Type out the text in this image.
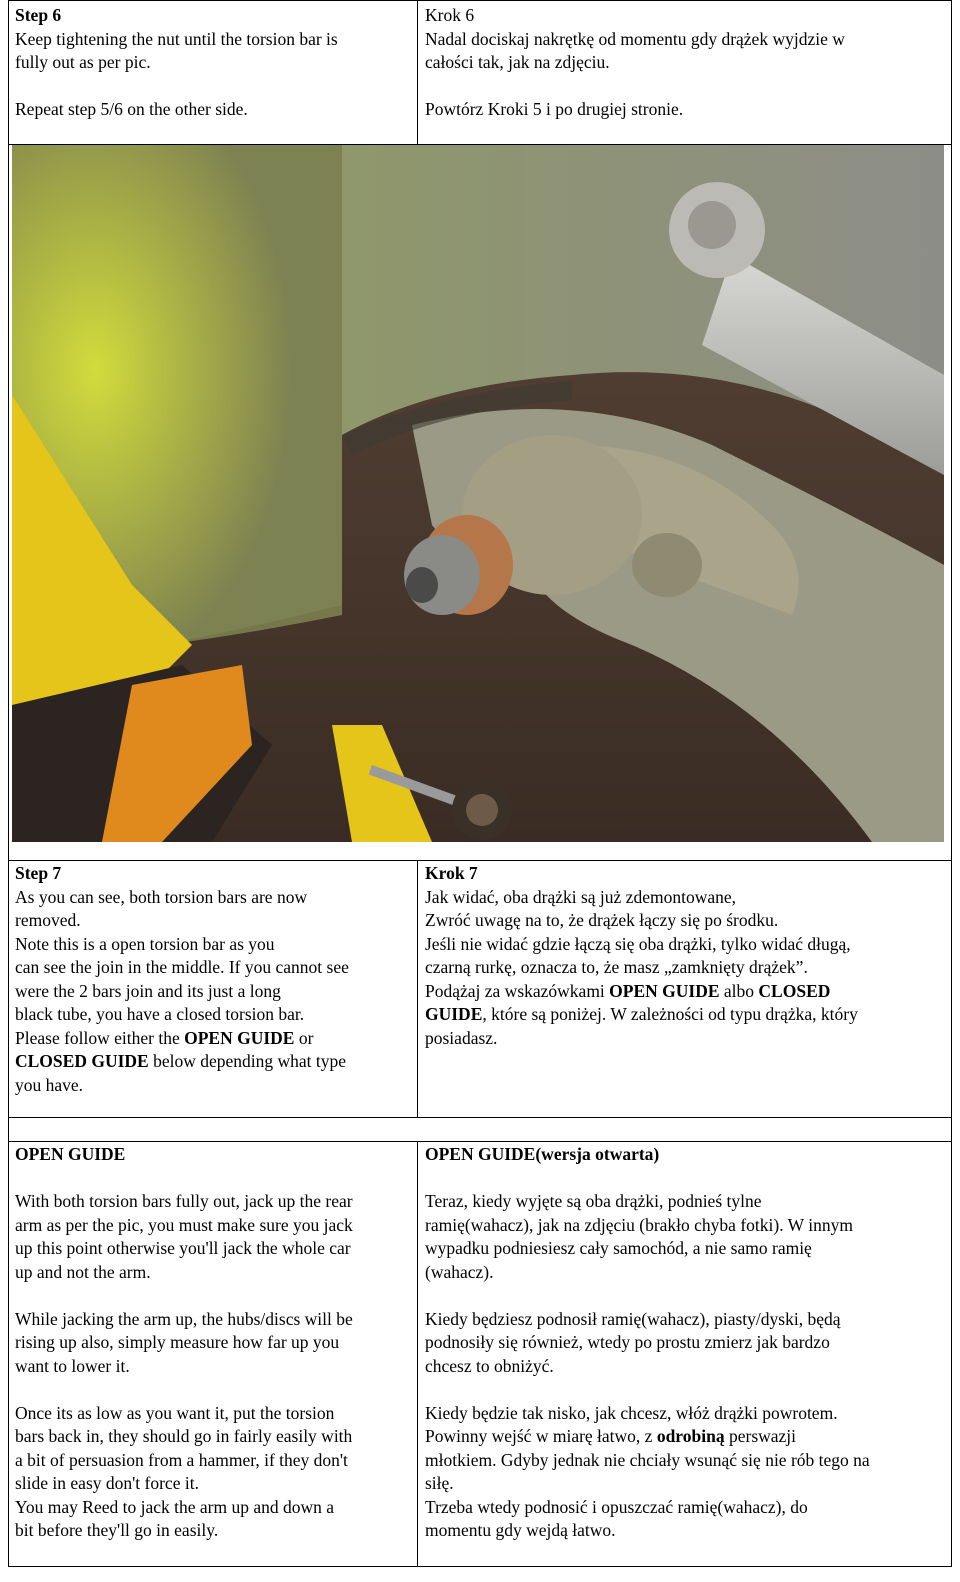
Step 6

Keep tightening the nut until the torsion bar is

fully out as per pic.

Repeat step 5/6 on the other side.

Krok 6

Nadal dociskaj nakrętkę od momentu gdy drążek wyjdzie w

całości tak, jak na zdjęciu.

Powtórz Kroki 5 i po drugiej stronie.

Step 7

As you can see, both torsion bars are now

removed.

Note this is a open torsion bar as you

can see the join in the middle. If you cannot see

were the 2 bars join and its just a long

black tube, you have a closed torsion bar.

Please follow either the OPEN GUIDE or

CLOSED GUIDE below depending what type

you have.

Krok 7

Jak widać, oba drążki są już zdemontowane,

Zwróć uwagę na to, że drążek łączy się po środku.

Jeśli nie widać gdzie łączą się oba drążki, tylko widać długą,

czarną rurkę, oznacza to, że masz „zamknięty drążek”.

Podążaj za wskazówkami OPEN GUIDE albo CLOSED

GUIDE, które są poniżej. W zależności od typu drążka, który

posiadasz.

OPEN GUIDE

With both torsion bars fully out, jack up the rear

arm as per the pic, you must make sure you jack

up this point otherwise you'll jack the whole car

up and not the arm.

While jacking the arm up, the hubs/discs will be

rising up also, simply measure how far up you

want to lower it.

Once its as low as you want it, put the torsion

bars back in, they should go in fairly easily with

a bit of persuasion from a hammer, if they don't

slide in easy don't force it.

You may Reed to jack the arm up and down a

bit before they'll go in easily.

OPEN GUIDE(wersja otwarta)

Teraz, kiedy wyjęte są oba drążki, podnieś tylne

ramię(wahacz), jak na zdjęciu (brakło chyba fotki). W innym

wypadku podniesiesz cały samochód, a nie samo ramię

(wahacz).

Kiedy będziesz podnosił ramię(wahacz), piasty/dyski, będą

podnosiły się również, wtedy po prostu zmierz jak bardzo

chcesz to obniżyć.

Kiedy będzie tak nisko, jak chcesz, włóż drążki powrotem.

Powinny wejść w miarę łatwo, z odrobiną perswazji

młotkiem. Gdyby jednak nie chciały wsunąć się nie rób tego na

siłę.

Trzeba wtedy podnosić i opuszczać ramię(wahacz), do

momentu gdy wejdą łatwo.
